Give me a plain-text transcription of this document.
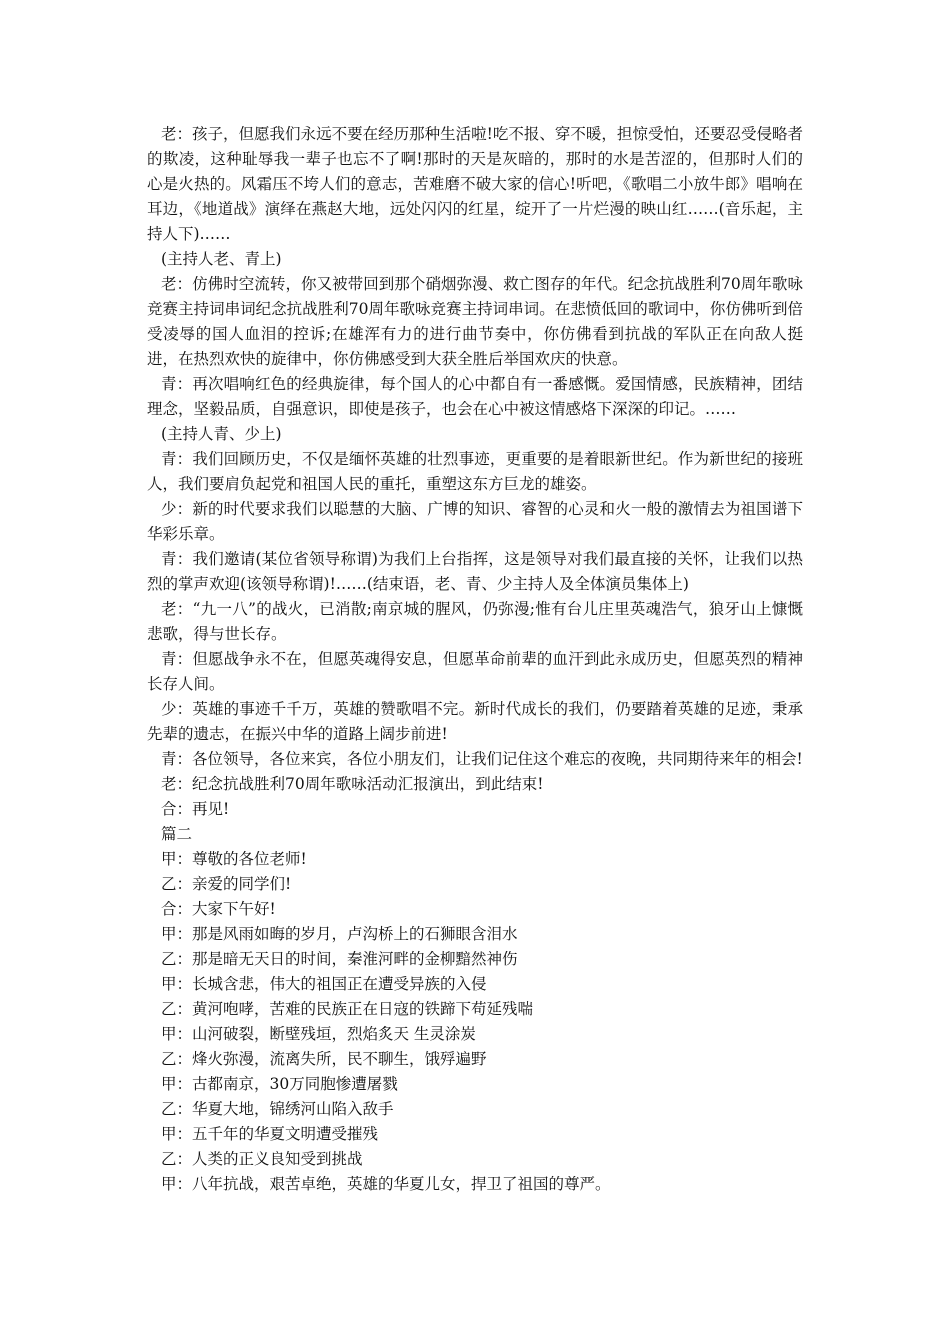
老：孩子，但愿我们永远不要在经历那种生活啦!吃不报、穿不暖，担惊受怕，还要忍受侵略者的欺凌，这种耻辱我一辈子也忘不了啊!那时的天是灰暗的，那时的水是苦涩的，但那时人们的心是火热的。风霜压不垮人们的意志，苦难磨不破大家的信心!听吧，《歌唱二小放牛郎》唱响在耳边，《地道战》演绎在燕赵大地，远处闪闪的红星，绽开了一片烂漫的映山红……(音乐起，主持人下)……

(主持人老、青上)

老：仿佛时空流转，你又被带回到那个硝烟弥漫、救亡图存的年代。纪念抗战胜利70周年歌咏竞赛主持词串词纪念抗战胜利70周年歌咏竞赛主持词串词。在悲愤低回的歌词中，你仿佛听到倍受凌辱的国人血泪的控诉;在雄浑有力的进行曲节奏中，你仿佛看到抗战的军队正在向敌人挺进，在热烈欢快的旋律中，你仿佛感受到大获全胜后举国欢庆的快意。

青：再次唱响红色的经典旋律，每个国人的心中都自有一番感慨。爱国情感，民族精神，团结理念，坚毅品质，自强意识，即使是孩子，也会在心中被这情感烙下深深的印记。……

(主持人青、少上)

青：我们回顾历史，不仅是缅怀英雄的壮烈事迹，更重要的是着眼新世纪。作为新世纪的接班人，我们要肩负起党和祖国人民的重托，重塑这东方巨龙的雄姿。

少：新的时代要求我们以聪慧的大脑、广博的知识、睿智的心灵和火一般的激情去为祖国谱下华彩乐章。

青：我们邀请(某位省领导称谓)为我们上台指挥，这是领导对我们最直接的关怀，让我们以热烈的掌声欢迎(该领导称谓)!……(结束语，老、青、少主持人及全体演员集体上)

老：“九一八”的战火，已消散;南京城的腥风，仍弥漫;惟有台儿庄里英魂浩气，狼牙山上慷慨悲歌，得与世长存。

青：但愿战争永不在，但愿英魂得安息，但愿革命前辈的血汗到此永成历史，但愿英烈的精神长存人间。

少：英雄的事迹千千万，英雄的赞歌唱不完。新时代成长的我们，仍要踏着英雄的足迹，秉承先辈的遗志，在振兴中华的道路上阔步前进!

青：各位领导，各位来宾，各位小朋友们，让我们记住这个难忘的夜晚，共同期待来年的相会!

老：纪念抗战胜利70周年歌咏活动汇报演出，到此结束!

合：再见!

篇二

甲：尊敬的各位老师!

乙：亲爱的同学们!

合：大家下午好!

甲：那是风雨如晦的岁月，卢沟桥上的石狮眼含泪水

乙：那是暗无天日的时间，秦淮河畔的金柳黯然神伤

甲：长城含悲，伟大的祖国正在遭受异族的入侵

乙：黄河咆哮，苦难的民族正在日寇的铁蹄下苟延残喘

甲：山河破裂，断壁残垣，烈焰炙天 生灵涂炭

乙：烽火弥漫，流离失所，民不聊生，饿殍遍野

甲：古都南京，30万同胞惨遭屠戮

乙：华夏大地，锦绣河山陷入敌手

甲：五千年的华夏文明遭受摧残

乙：人类的正义良知受到挑战

甲：八年抗战，艰苦卓绝，英雄的华夏儿女，捍卫了祖国的尊严。
